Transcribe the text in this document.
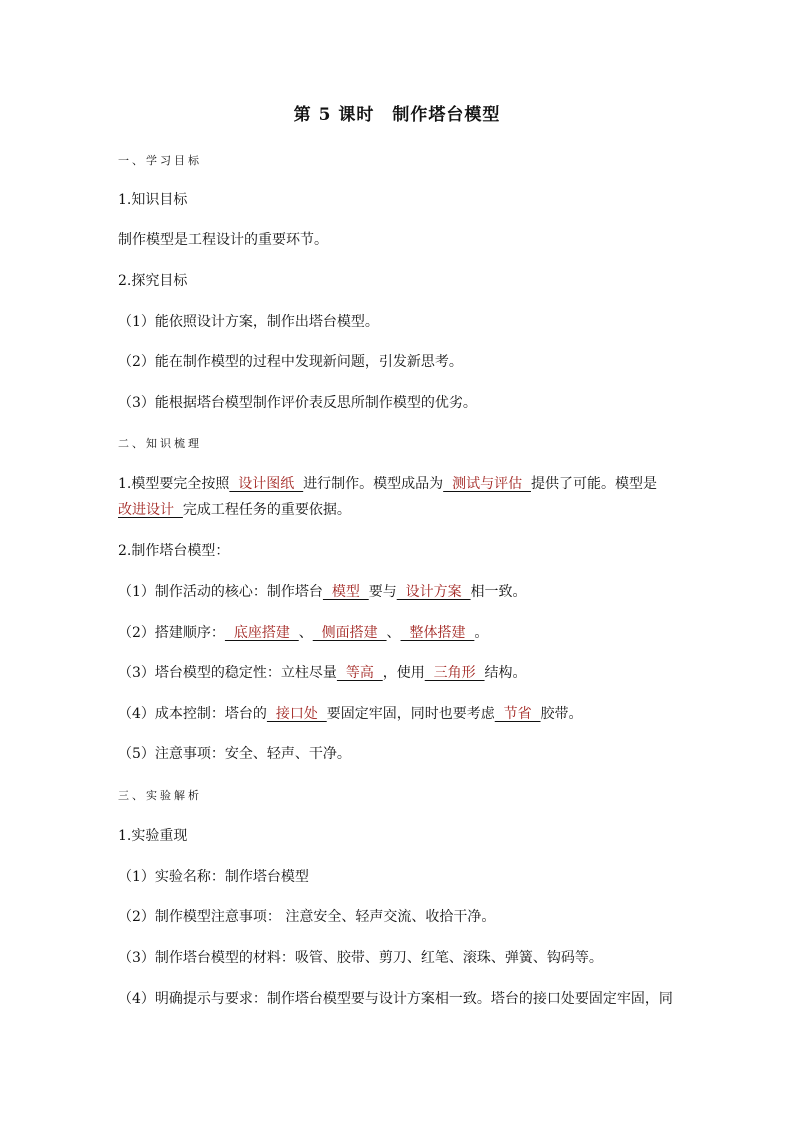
第 5 课时　制作塔台模型
一、学习目标
1.知识目标
制作模型是工程设计的重要环节。
2.探究目标
（1）能依照设计方案，制作出塔台模型。
（2）能在制作模型的过程中发现新问题，引发新思考。
（3）能根据塔台模型制作评价表反思所制作模型的优劣。
二、知识梳理
1.模型要完全按照  设计图纸  进行制作。模型成品为  测试与评估  提供了可能。模型是
改进设计  完成工程任务的重要依据。
2.制作塔台模型：
（1）制作活动的核心：制作塔台  模型  要与  设计方案  相一致。
（2）搭建顺序：  底座搭建  、  侧面搭建  、  整体搭建  。
（3）塔台模型的稳定性：立柱尽量  等高  ，使用  三角形  结构。
（4）成本控制：塔台的  接口处  要固定牢固，同时也要考虑  节省  胶带。
（5）注意事项：安全、轻声、干净。
三、实验解析
1.实验重现
（1）实验名称：制作塔台模型
（2）制作模型注意事项： 注意安全、轻声交流、收拾干净。
（3）制作塔台模型的材料：吸管、胶带、剪刀、红笔、滚珠、弹簧、钩码等。
（4）明确提示与要求：制作塔台模型要与设计方案相一致。塔台的接口处要固定牢固，同
